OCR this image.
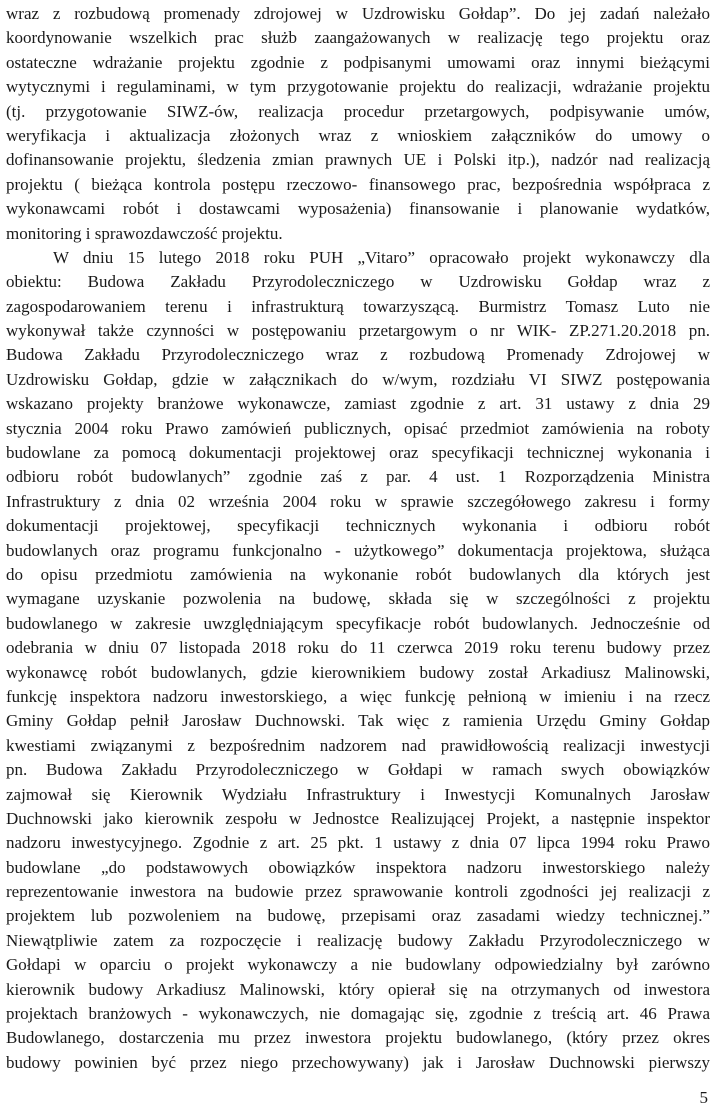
wraz z rozbudową promenady zdrojowej w Uzdrowisku Gołdap”. Do jej zadań należało
koordynowanie wszelkich prac służb zaangażowanych w realizację tego projektu oraz
ostateczne wdrażanie projektu zgodnie z podpisanymi umowami oraz innymi bieżącymi
wytycznymi i regulaminami, w tym przygotowanie projektu do realizacji, wdrażanie projektu
(tj. przygotowanie SIWZ-ów, realizacja procedur przetargowych, podpisywanie umów,
weryfikacja i aktualizacja złożonych wraz z wnioskiem załączników do umowy o
dofinansowanie projektu, śledzenia zmian prawnych UE i Polski itp.), nadzór nad realizacją
projektu ( bieżąca kontrola postępu rzeczowo- finansowego prac, bezpośrednia współpraca z
wykonawcami robót i dostawcami wyposażenia) finansowanie i planowanie wydatków,
monitoring i sprawozdawczość projektu.
W dniu 15 lutego 2018 roku PUH „Vitaro” opracowało projekt wykonawczy dla
obiektu: Budowa Zakładu Przyrodoleczniczego w Uzdrowisku Gołdap wraz z
zagospodarowaniem terenu i infrastrukturą towarzyszącą. Burmistrz Tomasz Luto nie
wykonywał także czynności w postępowaniu przetargowym o nr WIK- ZP.271.20.2018 pn.
Budowa Zakładu Przyrodoleczniczego wraz z rozbudową Promenady Zdrojowej w
Uzdrowisku Gołdap, gdzie w załącznikach do w/wym, rozdziału VI SIWZ postępowania
wskazano projekty branżowe wykonawcze, zamiast zgodnie z art. 31 ustawy z dnia 29
stycznia 2004 roku Prawo zamówień publicznych, opisać przedmiot zamówienia na roboty
budowlane za pomocą dokumentacji projektowej oraz specyfikacji technicznej wykonania i
odbioru robót budowlanych” zgodnie zaś z par. 4 ust. 1 Rozporządzenia Ministra
Infrastruktury z dnia 02 września 2004 roku w sprawie szczegółowego zakresu i formy
dokumentacji projektowej, specyfikacji technicznych wykonania i odbioru robót
budowlanych oraz programu funkcjonalno - użytkowego” dokumentacja projektowa, służąca
do opisu przedmiotu zamówienia na wykonanie robót budowlanych dla których jest
wymagane uzyskanie pozwolenia na budowę, składa się w szczególności z projektu
budowlanego w zakresie uwzględniającym specyfikacje robót budowlanych. Jednocześnie od
odebrania w dniu 07 listopada 2018 roku do 11 czerwca 2019 roku terenu budowy przez
wykonawcę robót budowlanych, gdzie kierownikiem budowy został Arkadiusz Malinowski,
funkcję inspektora nadzoru inwestorskiego, a więc funkcję pełnioną w imieniu i na rzecz
Gminy Gołdap pełnił Jarosław Duchnowski. Tak więc z ramienia Urzędu Gminy Gołdap
kwestiami związanymi z bezpośrednim nadzorem nad prawidłowością realizacji inwestycji
pn. Budowa Zakładu Przyrodoleczniczego w Gołdapi w ramach swych obowiązków
zajmował się Kierownik Wydziału Infrastruktury i Inwestycji Komunalnych Jarosław
Duchnowski jako kierownik zespołu w Jednostce Realizującej Projekt, a następnie inspektor
nadzoru inwestycyjnego. Zgodnie z art. 25 pkt. 1 ustawy z dnia 07 lipca 1994 roku Prawo
budowlane „do podstawowych obowiązków inspektora nadzoru inwestorskiego należy
reprezentowanie inwestora na budowie przez sprawowanie kontroli zgodności jej realizacji z
projektem lub pozwoleniem na budowę, przepisami oraz zasadami wiedzy technicznej.”
Niewątpliwie zatem za rozpoczęcie i realizację budowy Zakładu Przyrodoleczniczego w
Gołdapi w oparciu o projekt wykonawczy a nie budowlany odpowiedzialny był zarówno
kierownik budowy Arkadiusz Malinowski, który opierał się na otrzymanych od inwestora
projektach branżowych - wykonawczych, nie domagając się, zgodnie z treścią art. 46 Prawa
Budowlanego, dostarczenia mu przez inwestora projektu budowlanego, (który przez okres
budowy powinien być przez niego przechowywany) jak i Jarosław Duchnowski pierwszy
5
